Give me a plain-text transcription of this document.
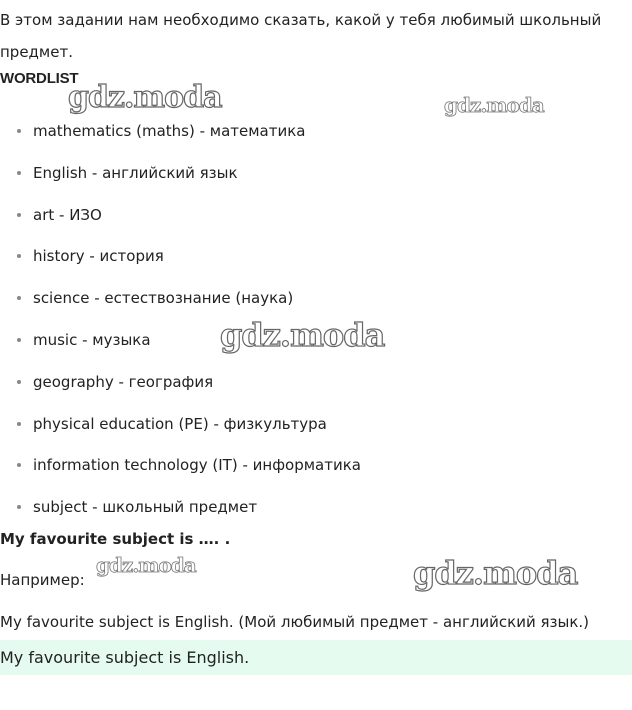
В этом задании нам необходимо сказать, какой у тебя любимый школьный предмет.

WORDLIST

mathematics (maths) - математика
English - английский язык
art - ИЗО
history - история
science - естествознание (наука)
music - музыка
geography - география
physical education (PE) - физкультура
information technology (IT) - информатика
subject - школьный предмет

My favourite subject is …. .

Например:

My favourite subject is English. (Мой любимый предмет - английский язык.)

My favourite subject is English.

gdz.moda	gdz.moda
gdz.moda
gdz.moda	gdz.moda
